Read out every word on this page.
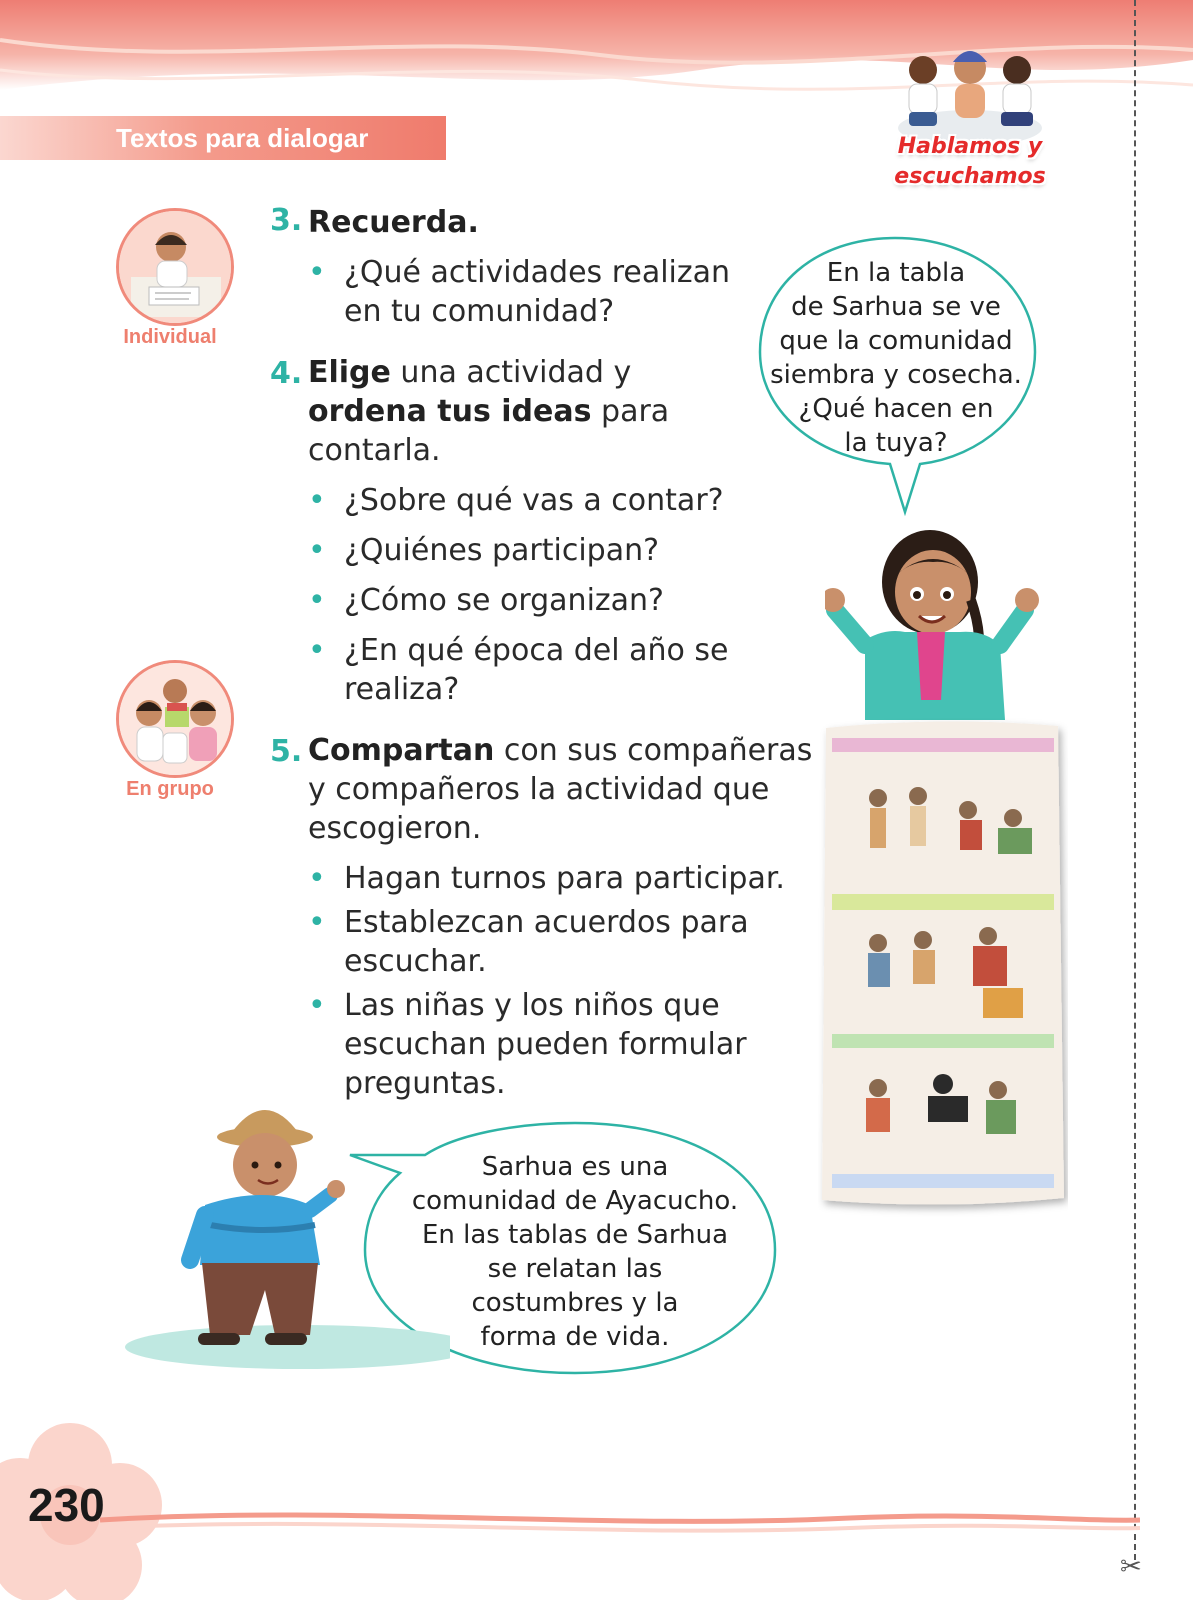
Textos para dialogar	Hablamos y
escuchamos
✂
Individual
En grupo
3. Recuerda.
• ¿Qué actividades realizan
en tu comunidad?
4. Elige una actividad y
ordena tus ideas para
contarla.
• ¿Sobre qué vas a contar?
• ¿Quiénes participan?
• ¿Cómo se organizan?
• ¿En qué época del año se
realiza?
5. Compartan con sus compañeras
y compañeros la actividad que
escogieron.
• Hagan turnos para participar.
• Establezcan acuerdos para
escuchar.
• Las niñas y los niños que
escuchan pueden formular
preguntas.
En la tabla
de Sarhua se ve
que la comunidad
siembra y cosecha.
¿Qué hacen en
la tuya?
Sarhua es una
comunidad de Ayacucho.
En las tablas de Sarhua
se relatan las
costumbres y la
forma de vida.
230
